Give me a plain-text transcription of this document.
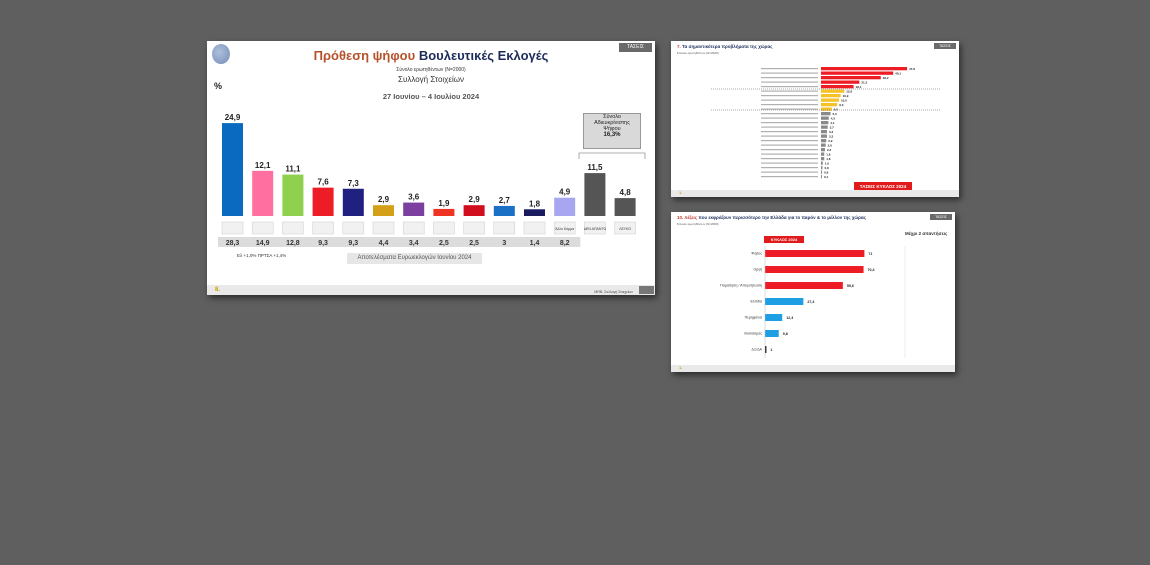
ΤΑΣΕΙΣ
Πρόθεση ψήφου Βουλευτικές Εκλογές
Σύνολο ερωτηθέντων (N=2000)
Συλλογή Στοιχείων
27 Ιουνίου – 4 Ιουλίου 2024
%
Σύνολο
Αδιευκρίνιστης
Ψήφου
16,3%
24,9
12,1 11,1
7,6 7,3
2,9 3,6
1,9 2,9 2,7 1,8
4,9
Άλλο Κόμμα
11,5
ΔΕΝ ΑΠΑΝΤΩ
4,8
ΛΕΥΚΟ
28,3 14,9 12,8	9,3	9,3	4,4	3,4	2,5	2,5	3	1,4	8,2
Ελ +1,0% ΠΡΤΣΑ +1,4%	Αποτελέσματα Ευρωεκλογών Ιουνίου 2024
8.	MRB, Συλλογή Στοιχείων
ΤΑΣΕΙΣ
7. Τα σημαντικότερα προβλήματα της χώρας
Σύνολο ερωτηθέντων (N=2000)
47,8
40,1
33,2
21,3
18,1
12,9
10,9
10,0
9,0
6,0
5,3
4,3
4,1
3,7
3,3
3,3
2,9
2,6
2,2
1,8
1,8
1,0
0,8
0,6
0,1
ΤΑΣΕΙΣ ΚΥΚΛΟΣ 2024
1.
ΤΑΣΕΙΣ
10. Λέξεις που εκφράζουν περισσότερο την Ελλάδα για το παρόν & το μέλλον της χώρας
Σύνολο ερωτηθέντων (N=2000)
ΚΥΚΛΟΣ 2024
Μέχρι 2 απαντήσεις
Φόβος	71
Οργή	70,4
Παραίτηση / Απογοήτευση	55,6
Ελπίδα	27,4
Περηφάνια	12,3
Θυσιασμός	9,8
ΔΞ/ΔΑ 1
1.
